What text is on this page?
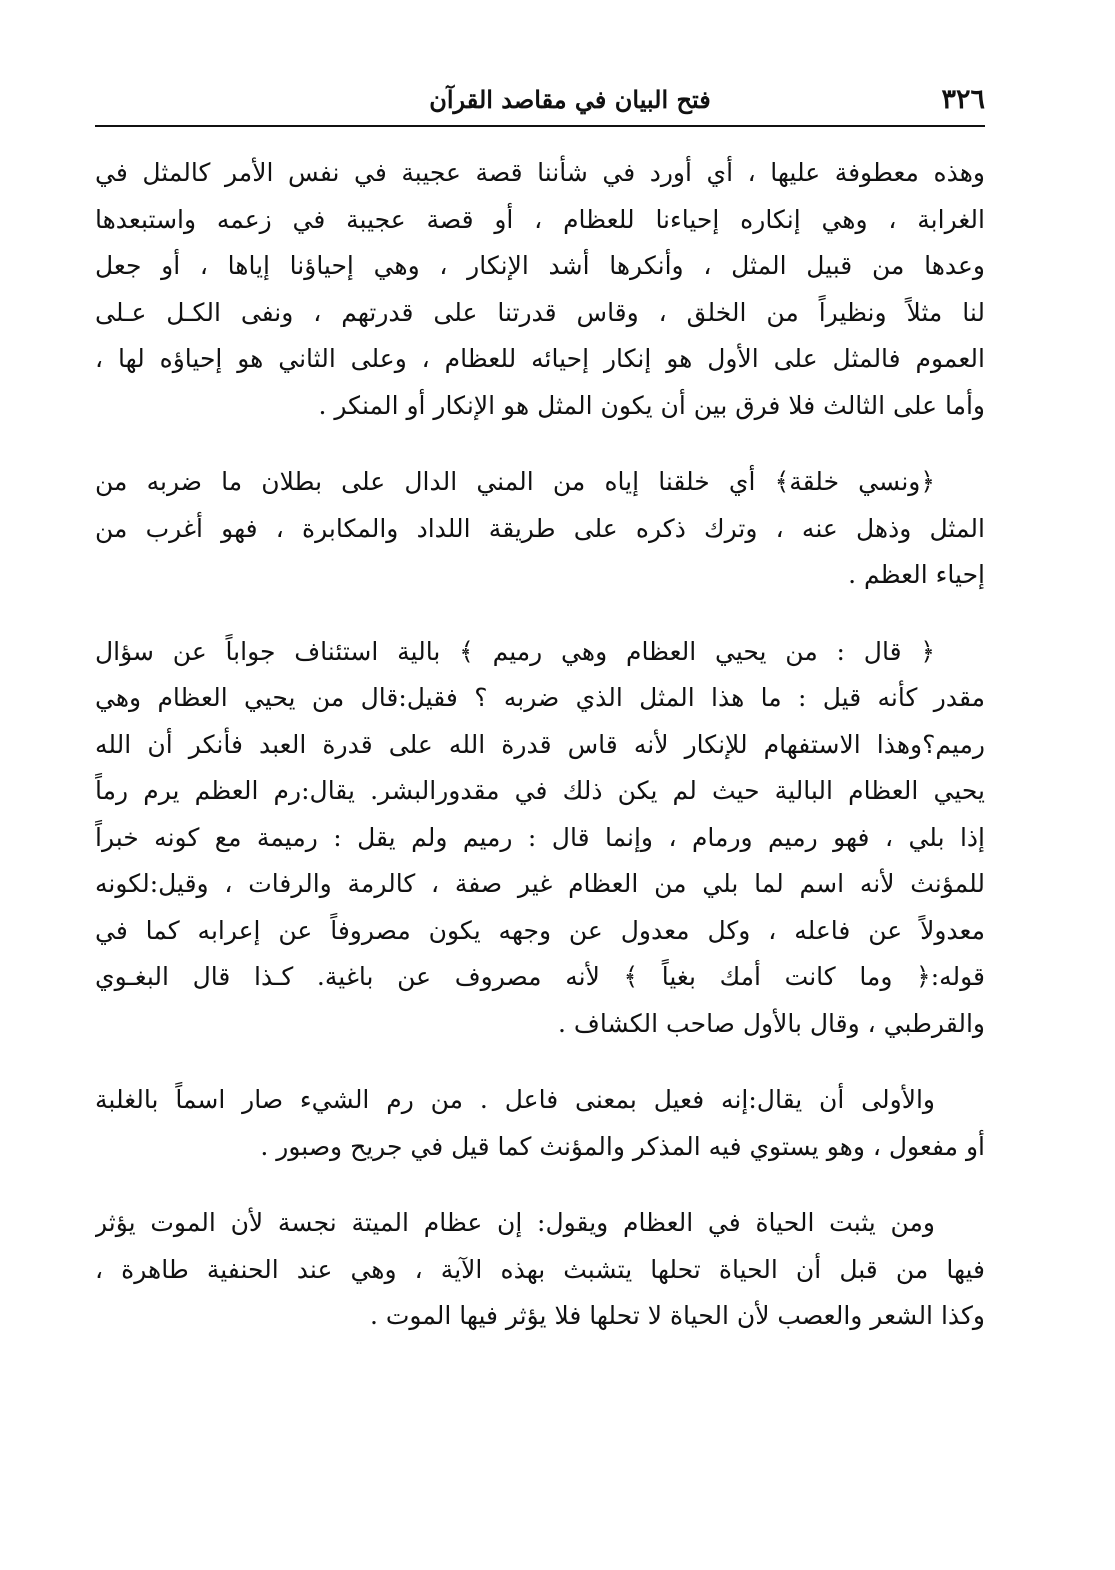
٣٢٦
فتح البيان في مقاصد القرآن
وهذه معطوفة عليها ، أي أورد في شأننا قصة عجيبة في نفس الأمر كالمثل في
الغرابة ، وهي إنكاره إحياءنا للعظام ، أو قصة عجيبة في زعمه واستبعدها
وعدها من قبيل المثل ، وأنكرها أشد الإنكار ، وهي إحياؤنا إياها ، أو جعل
لنا مثلاً ونظيراً من الخلق ، وقاس قدرتنا على قدرتهم ، ونفى الكـل عـلى
العموم فالمثل على الأول هو إنكار إحيائه للعظام ، وعلى الثاني هو إحياؤه لها ،
وأما على الثالث فلا فرق بين أن يكون المثل هو الإنكار أو المنكر .
﴿ونسي خلقة﴾ أي خلقنا إياه من المني الدال على بطلان ما ضربه من
المثل وذهل عنه ، وترك ذكره على طريقة اللداد والمكابرة ، فهو أغرب من
إحياء العظم .
﴿ قال : من يحيي العظام وهي رميم ﴾ بالية استئناف جواباً عن سؤال
مقدر كأنه قيل : ما هذا المثل الذي ضربه ؟ فقيل:قال من يحيي العظام وهي
رميم؟وهذا الاستفهام للإنكار لأنه قاس قدرة الله على قدرة العبد فأنكر أن الله
يحيي العظام البالية حيث لم يكن ذلك في مقدورالبشر. يقال:رم العظم يرم رماً
إذا بلي ، فهو رميم ورمام ، وإنما قال : رميم ولم يقل : رميمة مع كونه خبراً
للمؤنث لأنه اسم لما بلي من العظام غير صفة ، كالرمة والرفات ، وقيل:لكونه
معدولاً عن فاعله ، وكل معدول عن وجهه يكون مصروفاً عن إعرابه كما في
قوله:﴿ وما كانت أمك بغياً ﴾ لأنه مصروف عن باغية. كـذا قال البغـوي
والقرطبي ، وقال بالأول صاحب الكشاف .
والأولى أن يقال:إنه فعيل بمعنى فاعل . من رم الشيء صار اسماً بالغلبة
أو مفعول ، وهو يستوي فيه المذكر والمؤنث كما قيل في جريح وصبور .
ومن يثبت الحياة في العظام ويقول: إن عظام الميتة نجسة لأن الموت يؤثر
فيها من قبل أن الحياة تحلها يتشبث بهذه الآية ، وهي عند الحنفية طاهرة ،
وكذا الشعر والعصب لأن الحياة لا تحلها فلا يؤثر فيها الموت .
